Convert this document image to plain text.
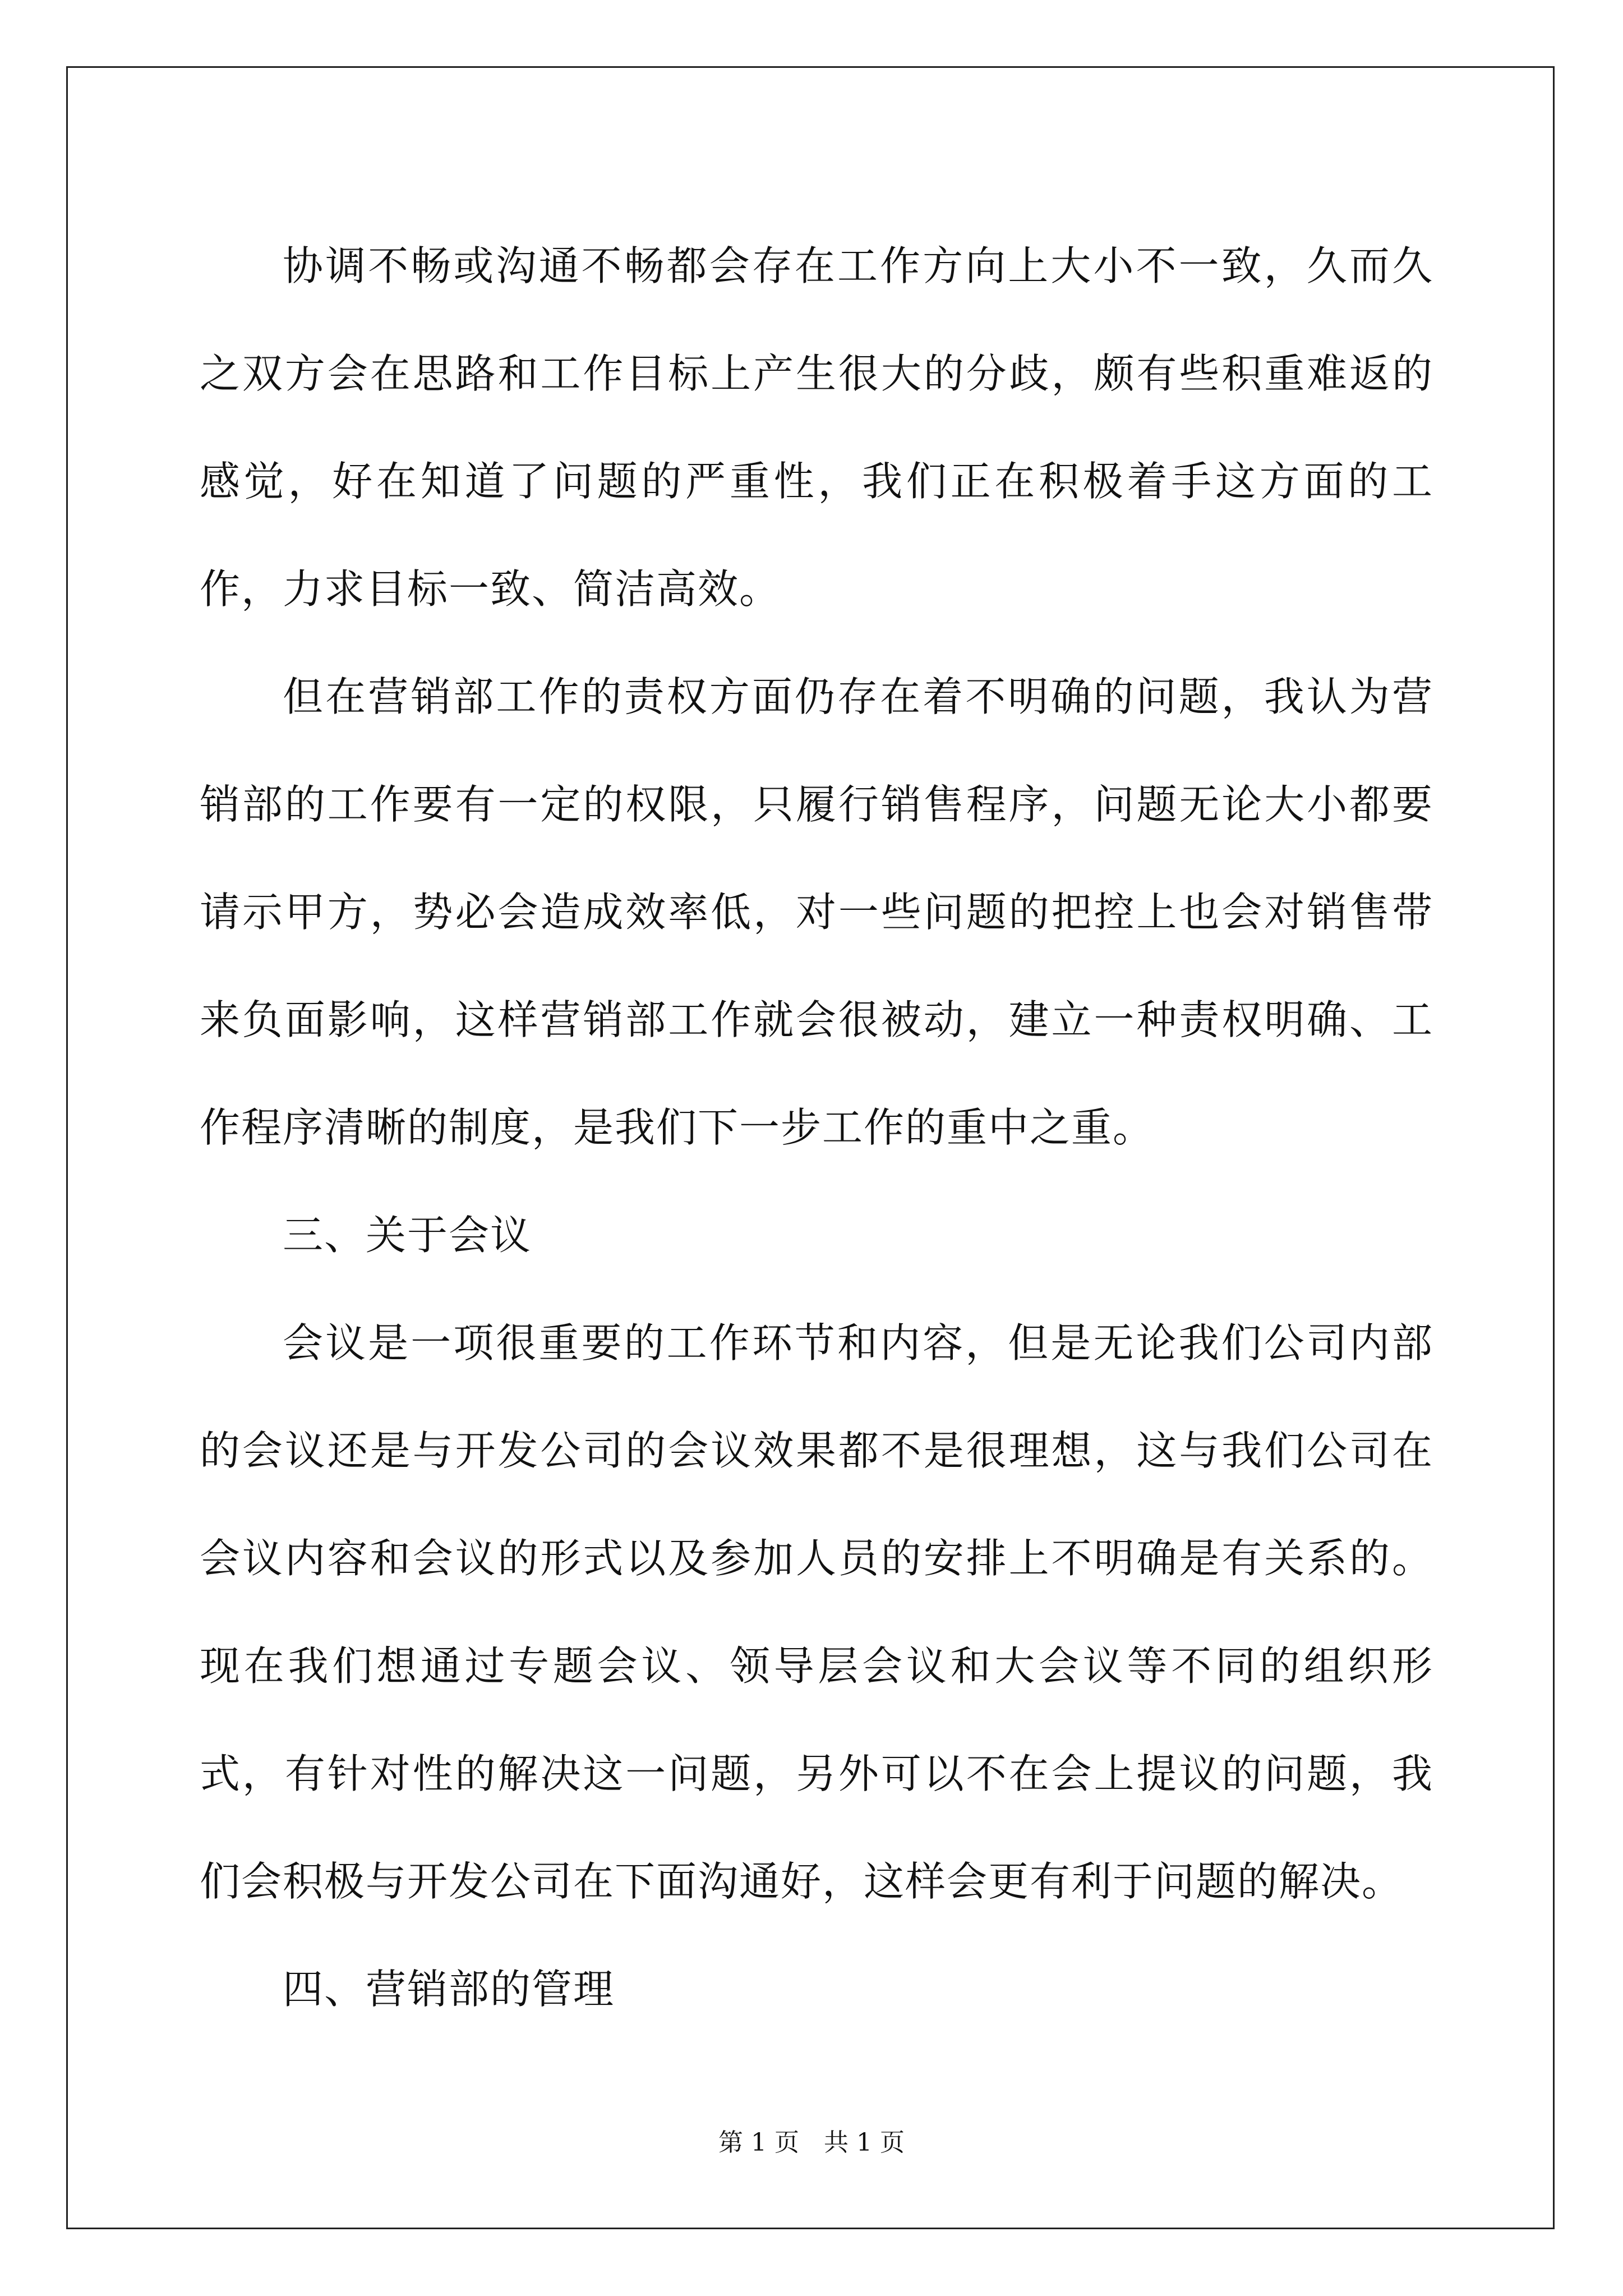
协调不畅或沟通不畅都会存在工作方向上大小不一致，久而久之双方会在思路和工作目标上产生很大的分歧，颇有些积重难返的感觉，好在知道了问题的严重性，我们正在积极着手这方面的工作，力求目标一致、简洁高效。

但在营销部工作的责权方面仍存在着不明确的问题，我认为营销部的工作要有一定的权限，只履行销售程序，问题无论大小都要请示甲方，势必会造成效率低，对一些问题的把控上也会对销售带来负面影响，这样营销部工作就会很被动，建立一种责权明确、工作程序清晰的制度，是我们下一步工作的重中之重。

三、关于会议

会议是一项很重要的工作环节和内容，但是无论我们公司内部的会议还是与开发公司的会议效果都不是很理想，这与我们公司在会议内容和会议的形式以及参加人员的安排上不明确是有关系的。现在我们想通过专题会议、领导层会议和大会议等不同的组织形式，有针对性的解决这一问题，另外可以不在会上提议的问题，我们会积极与开发公司在下面沟通好，这样会更有利于问题的解决。

四、营销部的管理

第 1 页　共 1 页
